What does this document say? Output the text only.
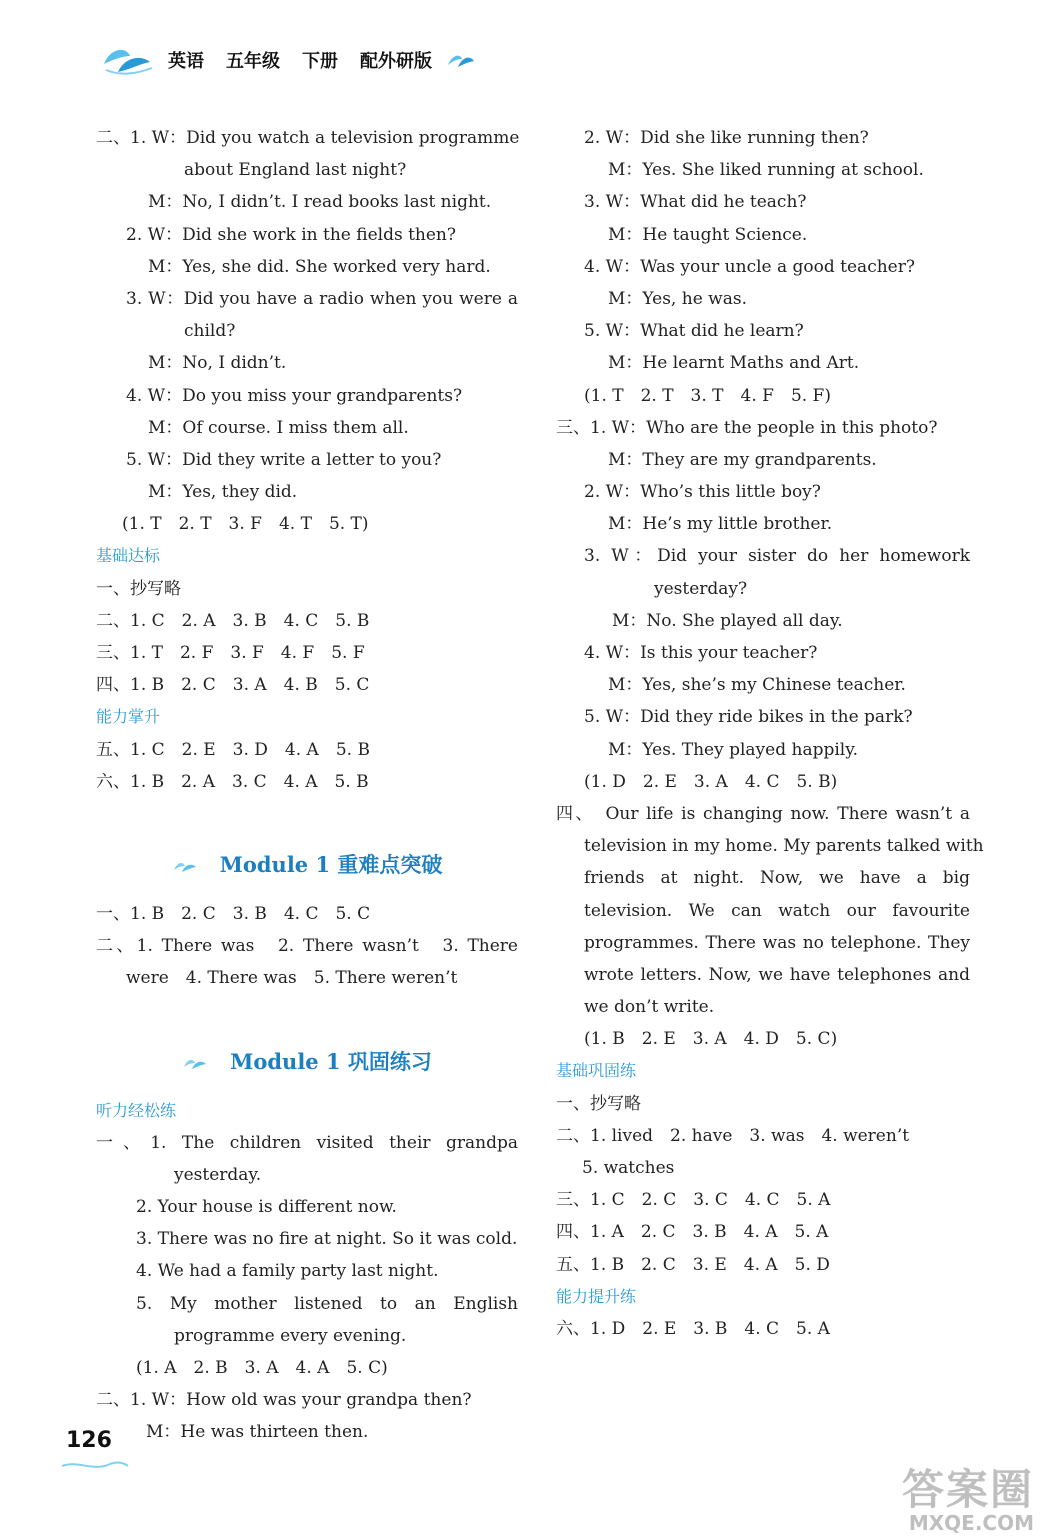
英语 五年级 下册 配外研版
二、1. W：Did you watch a television programme
about England last night?
M：No, I didn’t. I read books last night.
2. W：Did she work in the fields then?
M：Yes, she did. She worked very hard.
3. W：Did you have a radio when you were a
child?
M：No, I didn’t.
4. W：Do you miss your grandparents?
M：Of course. I miss them all.
5. W：Did they write a letter to you?
M：Yes, they did.
(1. T　2. T　3. F　4. T　5. T)
基础达标
一、抄写略
二、1. C　2. A　3. B　4. C　5. B
三、1. T　2. F　3. F　4. F　5. F
四、1. B　2. C　3. A　4. B　5. C
能力掌升
五、1. C　2. E　3. D　4. A　5. B
六、1. B　2. A　3. C　4. A　5. B
Module 1 重难点突破
一、1. B　2. C　3. B　4. C　5. C
二、1. There was　2. There wasn’t　3. There
were　4. There was　5. There weren’t
Module 1 巩固练习
听力经松练
一、1. The children visited their grandpa
yesterday.
2. Your house is different now.
3. There was no fire at night. So it was cold.
4. We had a family party last night.
5. My mother listened to an English
programme every evening.
(1. A　2. B　3. A　4. A　5. C)
二、1. W：How old was your grandpa then?
M：He was thirteen then.
2. W：Did she like running then?
M：Yes. She liked running at school.
3. W：What did he teach?
M：He taught Science.
4. W：Was your uncle a good teacher?
M：Yes, he was.
5. W：What did he learn?
M：He learnt Maths and Art.
(1. T　2. T　3. T　4. F　5. F)
三、1. W：Who are the people in this photo?
M：They are my grandparents.
2. W：Who’s this little boy?
M：He’s my little brother.
3. W：Did your sister do her homework
yesterday?
M：No. She played all day.
4. W：Is this your teacher?
M：Yes, she’s my Chinese teacher.
5. W：Did they ride bikes in the park?
M：Yes. They played happily.
(1. D　2. E　3. A　4. C　5. B)
四、　Our life is changing now. There wasn’t a
television in my home. My parents talked with
friends at night. Now, we have a big
television. We can watch our favourite
programmes. There was no telephone. They
wrote letters. Now, we have telephones and
we don’t write.
(1. B　2. E　3. A　4. D　5. C)
基础巩固练
一、抄写略
二、1. lived　2. have　3. was　4. weren’t
5. watches
三、1. C　2. C　3. C　4. C　5. A
四、1. A　2. C　3. B　4. A　5. A
五、1. B　2. C　3. E　4. A　5. D
能力提升练
六、1. D　2. E　3. B　4. C　5. A
126
答案圈
MXQE.COM
